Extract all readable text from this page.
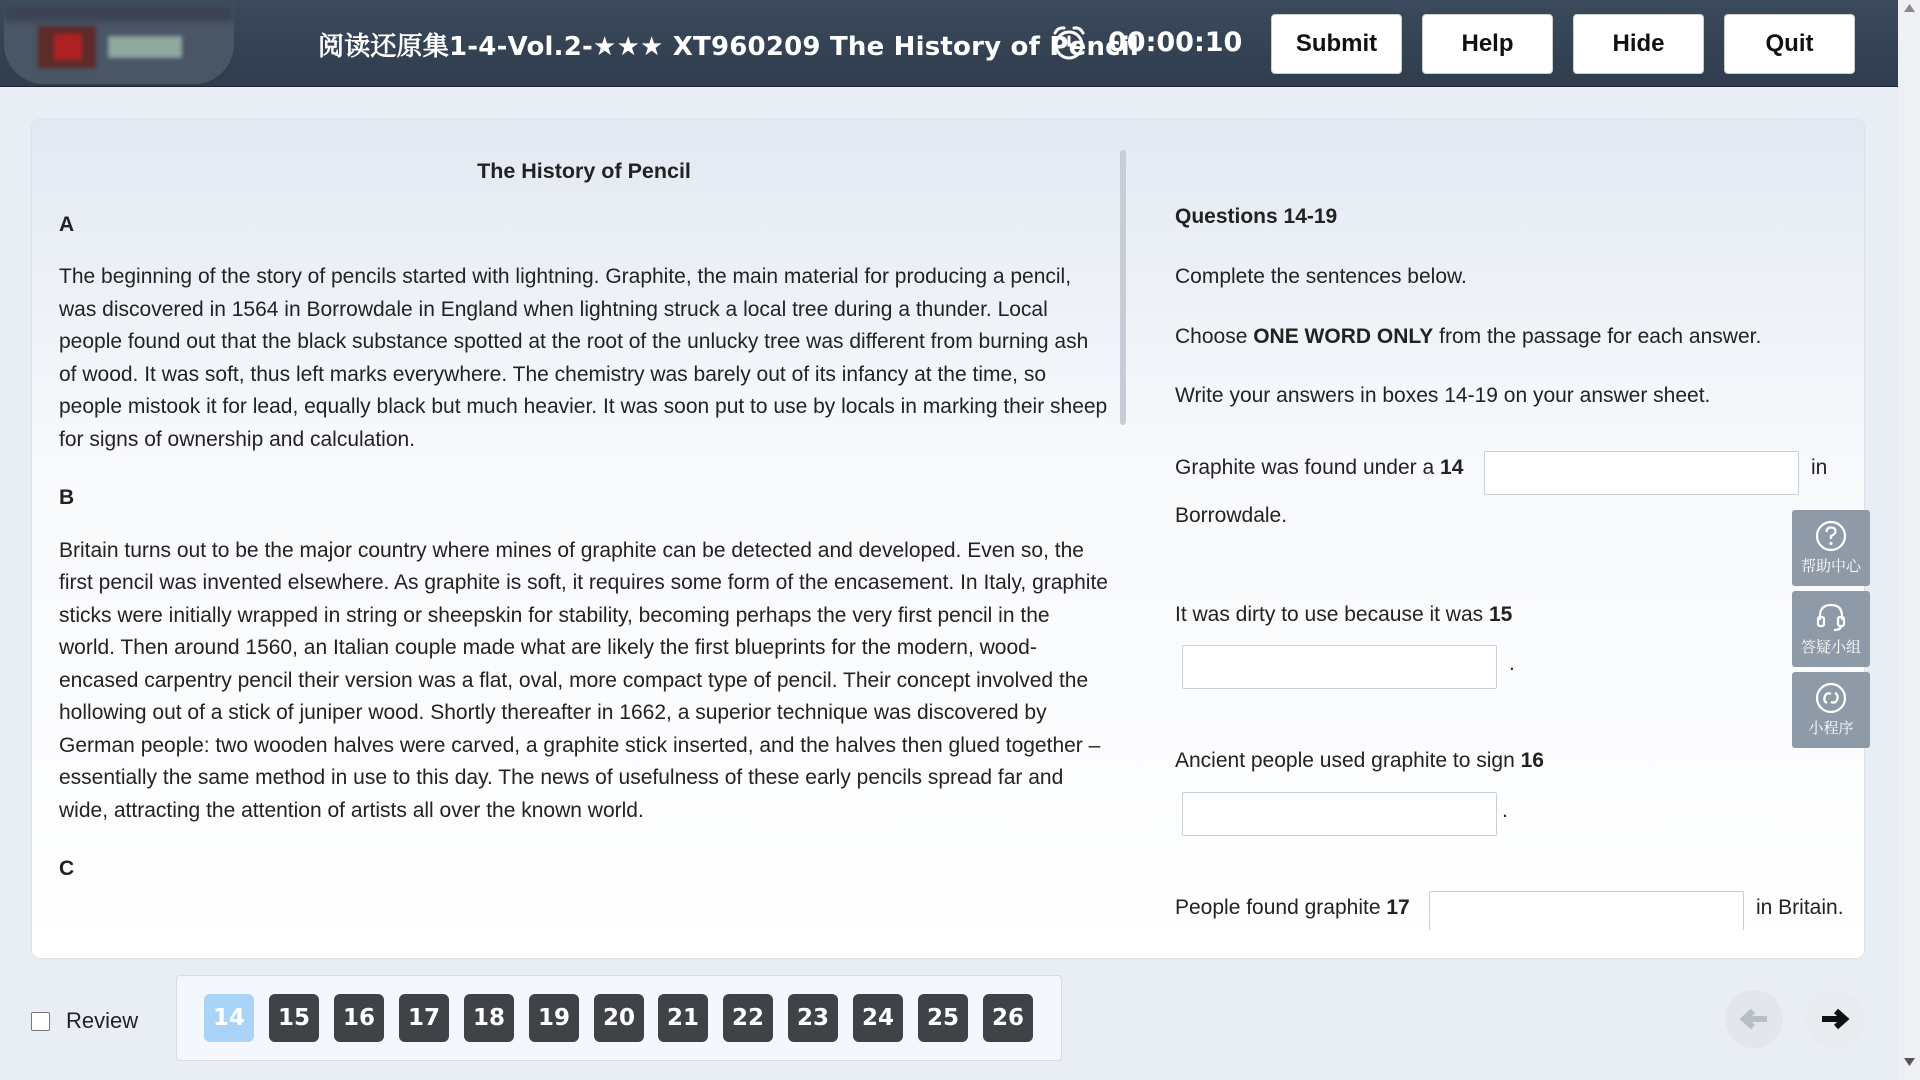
阅读还原集1-4-Vol.2-★★★ XT960209 The History of Pencil
00:00:10	Submit	Help	Hide	Quit
The History of Pencil
A

The beginning of the story of pencils started with lightning. Graphite, the main material for producing a pencil, was discovered in 1564 in Borrowdale in England when lightning struck a local tree during a thunder. Local people found out that the black substance spotted at the root of the unlucky tree was different from burning ash of wood. It was soft, thus left marks everywhere. The chemistry was barely out of its infancy at the time, so people mistook it for lead, equally black but much heavier. It was soon put to use by locals in marking their sheep for signs of ownership and calculation.

B

Britain turns out to be the major country where mines of graphite can be detected and developed. Even so, the first pencil was invented elsewhere. As graphite is soft, it requires some form of the encasement. In Italy, graphite sticks were initially wrapped in string or sheepskin for stability, becoming perhaps the very first pencil in the world. Then around 1560, an Italian couple made what are likely the first blueprints for the modern, wood-encased carpentry pencil their version was a flat, oval, more compact type of pencil. Their concept involved the hollowing out of a stick of juniper wood. Shortly thereafter in 1662, a superior technique was discovered by German people: two wooden halves were carved, a graphite stick inserted, and the halves then glued together – essentially the same method in use to this day. The news of usefulness of these early pencils spread far and wide, attracting the attention of artists all over the known world.

C
Questions 14-19
Complete the sentences below.
Choose ONE WORD ONLY from the passage for each answer.
Write your answers in boxes 14-19 on your answer sheet.
Graphite was found under a 14	in
Borrowdale.
It was dirty to use because it was 15
.
Ancient people used graphite to sign 16
.
People found graphite 17	in Britain.
帮助中心
答疑小组
小程序
Review	14	15	16	17	18	19	20	21	22	23	24	25	26
